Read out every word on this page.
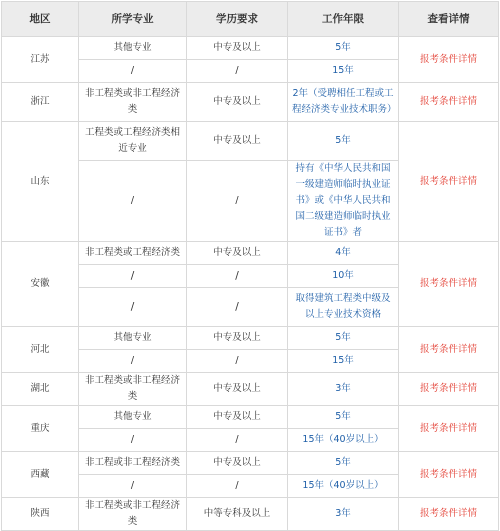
地区	所学专业	学历要求	工作年限	查看详情
江苏	其他专业	中专及以上	5年	报考条件详情
	/	/	15年	
浙江	非工程类或非工程经济类	中专及以上	2年（受聘相任工程或工程经济类专业技术职务）	报考条件详情
山东	工程类或工程经济类相近专业	中专及以上	5年	报考条件详情
	/	/	持有《中华人民共和国一级建造师临时执业证书》或《中华人民共和国二级建造师临时执业证书》者	
安徽	非工程类或工程经济类	中专及以上	4年	报考条件详情
	/	/	10年	
	/	/	取得建筑工程类中级及以上专业技术资格	
河北	其他专业	中专及以上	5年	报考条件详情
	/	/	15年	
湖北	非工程类或非工程经济类	中专及以上	3年	报考条件详情
重庆	其他专业	中专及以上	5年	报考条件详情
	/	/	15年（40岁以上）	
西藏	非工程或非工程经济类	中专及以上	5年	报考条件详情
	/	/	15年（40岁以上）	
陕西	非工程类或非工程经济类	中等专科及以上	3年	报考条件详情
